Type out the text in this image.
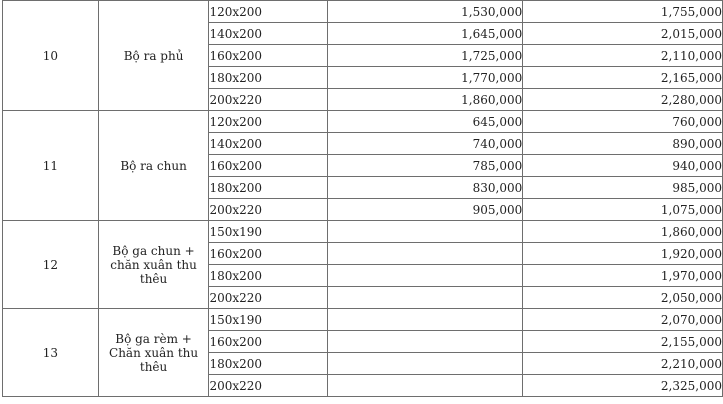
10	Bộ ra phủ	120x200	1,530,000	1,755,000
		140x200	1,645,000	2,015,000
		160x200	1,725,000	2,110,000
		180x200	1,770,000	2,165,000
		200x220	1,860,000	2,280,000
11	Bộ ra chun	120x200	645,000	760,000
		140x200	740,000	890,000
		160x200	785,000	940,000
		180x200	830,000	985,000
		200x220	905,000	1,075,000
12	Bộ ga chun + chăn xuân thu thêu	150x190		1,860,000
		160x200		1,920,000
		180x200		1,970,000
		200x220		2,050,000
13	Bộ ga rèm + Chăn xuân thu thêu	150x190		2,070,000
		160x200		2,155,000
		180x200		2,210,000
		200x220		2,325,000
